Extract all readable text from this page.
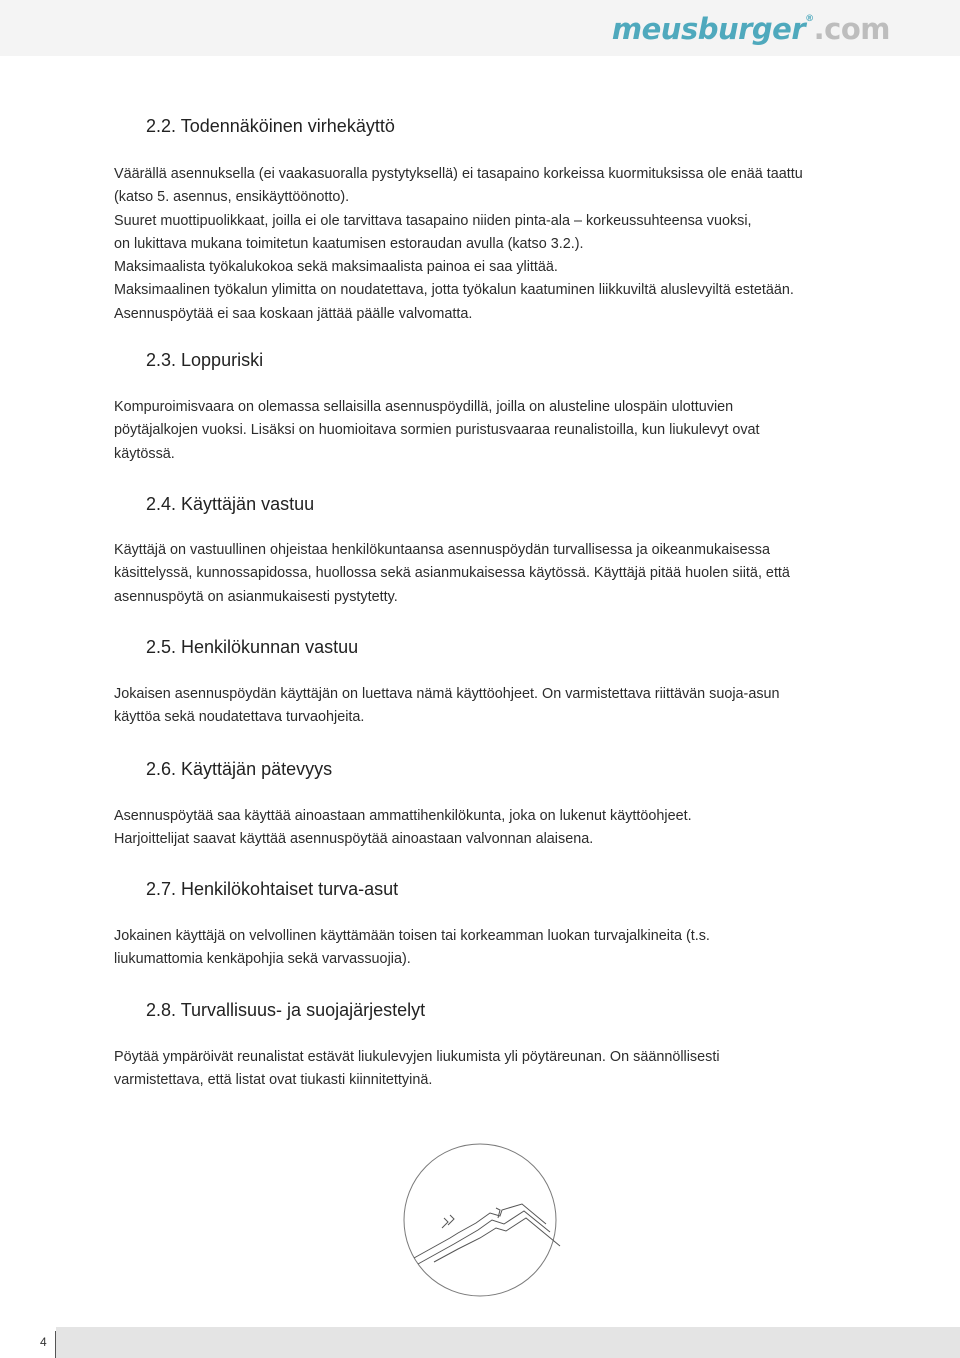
meusburger®.com
2.2. Todennäköinen virhekäyttö

Väärällä asennuksella (ei vaakasuoralla pystytyksellä) ei tasapaino korkeissa kuormituksissa ole enää taattu
(katso 5. asennus, ensikäyttöönotto).
Suuret muottipuolikkaat, joilla ei ole tarvittava tasapaino niiden pinta-ala – korkeussuhteensa vuoksi,
on lukittava mukana toimitetun kaatumisen estoraudan avulla (katso 3.2.).
Maksimaalista työkalukokoa sekä maksimaalista painoa ei saa ylittää.
Maksimaalinen työkalun ylimitta on noudatettava, jotta työkalun kaatuminen liikkuviltä aluslevyiltä estetään.
Asennuspöytää ei saa koskaan jättää päälle valvomatta.

2.3. Loppuriski

Kompuroimisvaara on olemassa sellaisilla asennuspöydillä, joilla on alusteline ulospäin ulottuvien
pöytäjalkojen vuoksi. Lisäksi on huomioitava sormien puristusvaaraa reunalistoilla, kun liukulevyt ovat
käytössä.

2.4. Käyttäjän vastuu

Käyttäjä on vastuullinen ohjeistaa henkilökuntaansa asennuspöydän turvallisessa ja oikeanmukaisessa
käsittelyssä, kunnossapidossa, huollossa sekä asianmukaisessa käytössä. Käyttäjä pitää huolen siitä, että
asennuspöytä on asianmukaisesti pystytetty.

2.5. Henkilökunnan vastuu

Jokaisen asennuspöydän käyttäjän on luettava nämä käyttöohjeet. On varmistettava riittävän suoja-asun
käyttöa sekä noudatettava turvaohjeita.

2.6. Käyttäjän pätevyys

Asennuspöytää saa käyttää ainoastaan ammattihenkilökunta, joka on lukenut käyttöohjeet.
Harjoittelijat saavat käyttää asennuspöytää ainoastaan valvonnan alaisena.

2.7. Henkilökohtaiset turva-asut

Jokainen käyttäjä on velvollinen käyttämään toisen tai korkeamman luokan turvajalkineita (t.s.
liukumattomia kenkäpohjia sekä varvassuojia).

2.8. Turvallisuus- ja suojajärjestelyt

Pöytää ympäröivät reunalistat estävät liukulevyjen liukumista yli pöytäreunan. On säännöllisesti
varmistettava, että listat ovat tiukasti kiinnitettyinä.

4
